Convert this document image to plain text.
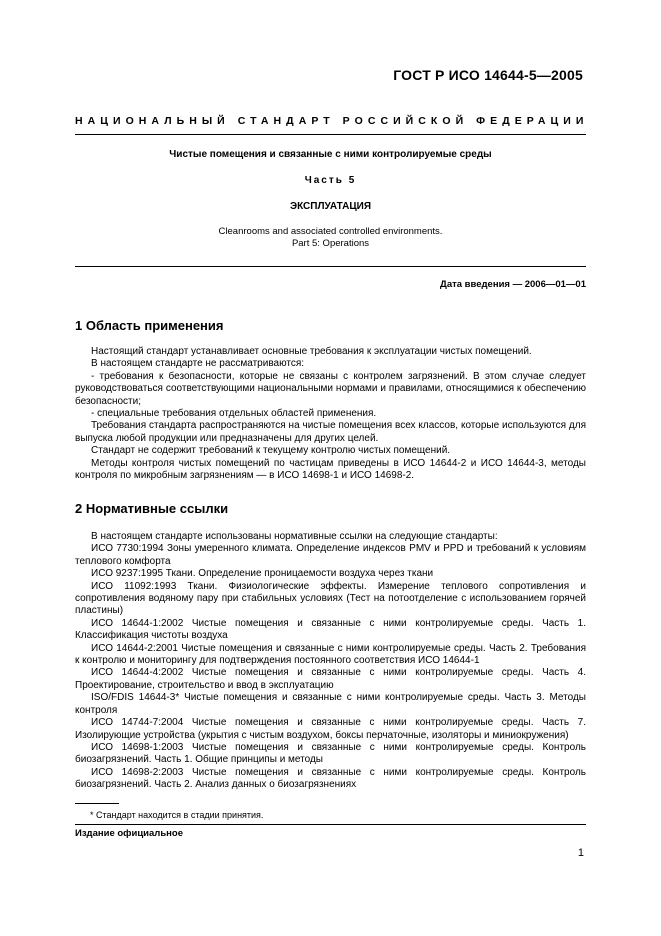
ГОСТ Р ИСО 14644-5—2005
НАЦИОНАЛЬНЫЙ СТАНДАРТ РОССИЙСКОЙ ФЕДЕРАЦИИ
Чистые помещения и связанные с ними контролируемые среды
Часть 5
ЭКСПЛУАТАЦИЯ
Cleanrooms and associated controlled environments.
Part 5: Operations
Дата введения — 2006—01—01
1 Область применения

Настоящий стандарт устанавливает основные требования к эксплуатации чистых помещений.

В настоящем стандарте не рассматриваются:

- требования к безопасности, которые не связаны с контролем загрязнений. В этом случае следует руководствоваться соответствующими национальными нормами и правилами, относящимися к обеспечению безопасности;

- специальные требования отдельных областей применения.

Требования стандарта распространяются на чистые помещения всех классов, которые используются для выпуска любой продукции или предназначены для других целей.

Стандарт не содержит требований к текущему контролю чистых помещений.

Методы контроля чистых помещений по частицам приведены в ИСО 14644-2 и ИСО 14644-3, методы контроля по микробным загрязнениям — в ИСО 14698-1 и ИСО 14698-2.

2 Нормативные ссылки

В настоящем стандарте использованы нормативные ссылки на следующие стандарты:

ИСО 7730:1994 Зоны умеренного климата. Определение индексов PMV и PPD и требований к условиям теплового комфорта

ИСО 9237:1995 Ткани. Определение проницаемости воздуха через ткани

ИСО 11092:1993 Ткани. Физиологические эффекты. Измерение теплового сопротивления и сопротивления водяному пару при стабильных условиях (Тест на потоотделение с использованием горячей пластины)

ИСО 14644-1:2002 Чистые помещения и связанные с ними контролируемые среды. Часть 1. Классификация чистоты воздуха

ИСО 14644-2:2001 Чистые помещения и связанные с ними контролируемые среды. Часть 2. Требования к контролю и мониторингу для подтверждения постоянного соответствия ИСО 14644-1

ИСО 14644-4:2002 Чистые помещения и связанные с ними контролируемые среды. Часть 4. Проектирование, строительство и ввод в эксплуатацию

ISO/FDIS 14644-3* Чистые помещения и связанные с ними контролируемые среды. Часть 3. Методы контроля

ИСО 14744-7:2004 Чистые помещения и связанные с ними контролируемые среды. Часть 7. Изолирующие устройства (укрытия с чистым воздухом, боксы перчаточные, изоляторы и миниокружения)

ИСО 14698-1:2003 Чистые помещения и связанные с ними контролируемые среды. Контроль биозагрязнений. Часть 1. Общие принципы и методы

ИСО 14698-2:2003 Чистые помещения и связанные с ними контролируемые среды. Контроль биозагрязнений. Часть 2. Анализ данных о биозагрязнениях

* Стандарт находится в стадии принятия.
Издание официальное
1
